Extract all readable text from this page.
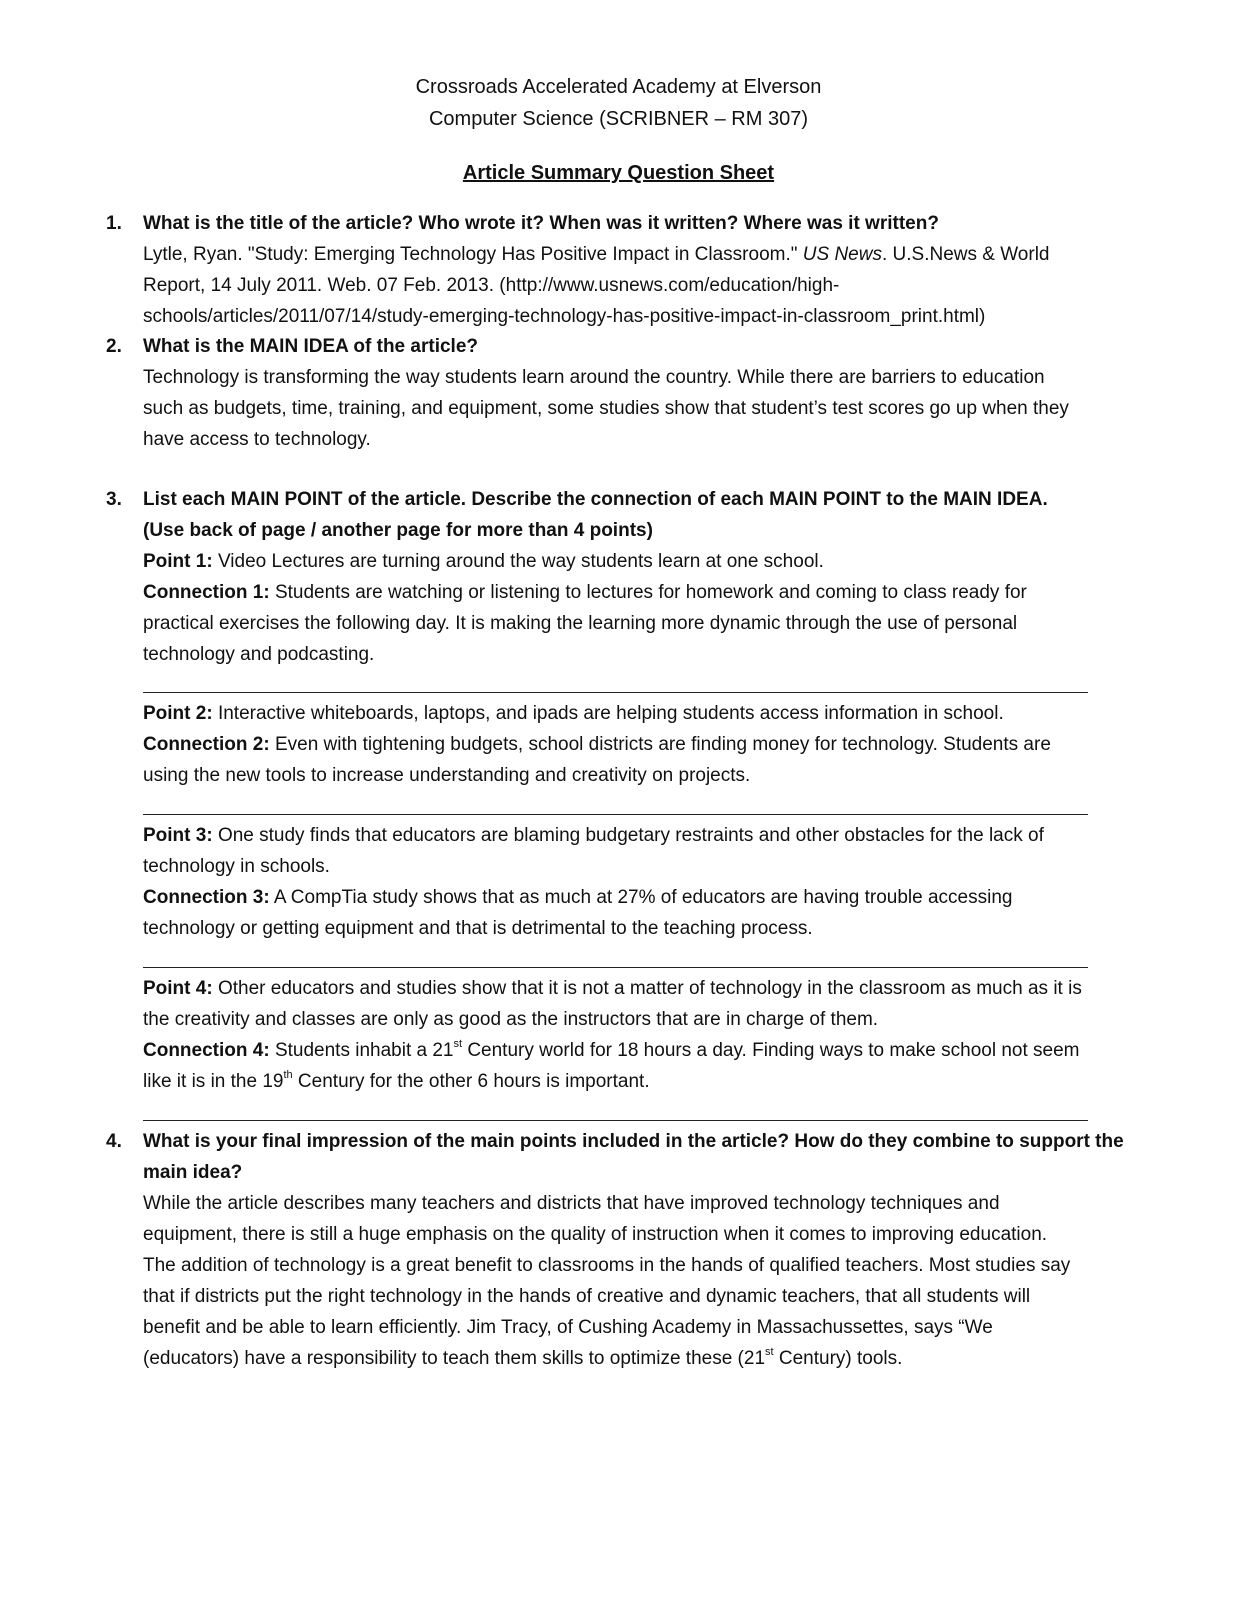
Crossroads Accelerated Academy at Elverson
Computer Science (SCRIBNER – RM 307)
Article Summary Question Sheet
1. What is the title of the article? Who wrote it? When was it written? Where was it written?

Lytle, Ryan. "Study: Emerging Technology Has Positive Impact in Classroom." US News. U.S.News & World

Report, 14 July 2011. Web. 07 Feb. 2013. (http://www.usnews.com/education/high-

schools/articles/2011/07/14/study-emerging-technology-has-positive-impact-in-classroom_print.html)

2. What is the MAIN IDEA of the article?

Technology is transforming the way students learn around the country. While there are barriers to education

such as budgets, time, training, and equipment, some studies show that student’s test scores go up when they

have access to technology.

3. List each MAIN POINT of the article. Describe the connection of each MAIN POINT to the MAIN IDEA.

(Use back of page / another page for more than 4 points)

Point 1: Video Lectures are turning around the way students learn at one school.

Connection 1: Students are watching or listening to lectures for homework and coming to class ready for

practical exercises the following day. It is making the learning more dynamic through the use of personal

technology and podcasting.

Point 2: Interactive whiteboards, laptops, and ipads are helping students access information in school.

Connection 2: Even with tightening budgets, school districts are finding money for technology. Students are

using the new tools to increase understanding and creativity on projects.

Point 3: One study finds that educators are blaming budgetary restraints and other obstacles for the lack of

technology in schools.

Connection 3: A CompTia study shows that as much at 27% of educators are having trouble accessing

technology or getting equipment and that is detrimental to the teaching process.

Point 4: Other educators and studies show that it is not a matter of technology in the classroom as much as it is

the creativity and classes are only as good as the instructors that are in charge of them.

Connection 4: Students inhabit a 21st Century world for 18 hours a day. Finding ways to make school not seem

like it is in the 19th Century for the other 6 hours is important.

4. What is your final impression of the main points included in the article? How do they combine to support the

main idea?

While the article describes many teachers and districts that have improved technology techniques and

equipment, there is still a huge emphasis on the quality of instruction when it comes to improving education.

The addition of technology is a great benefit to classrooms in the hands of qualified teachers. Most studies say

that if districts put the right technology in the hands of creative and dynamic teachers, that all students will

benefit and be able to learn efficiently. Jim Tracy, of Cushing Academy in Massachussettes, says “We

(educators) have a responsibility to teach them skills to optimize these (21st Century) tools.
